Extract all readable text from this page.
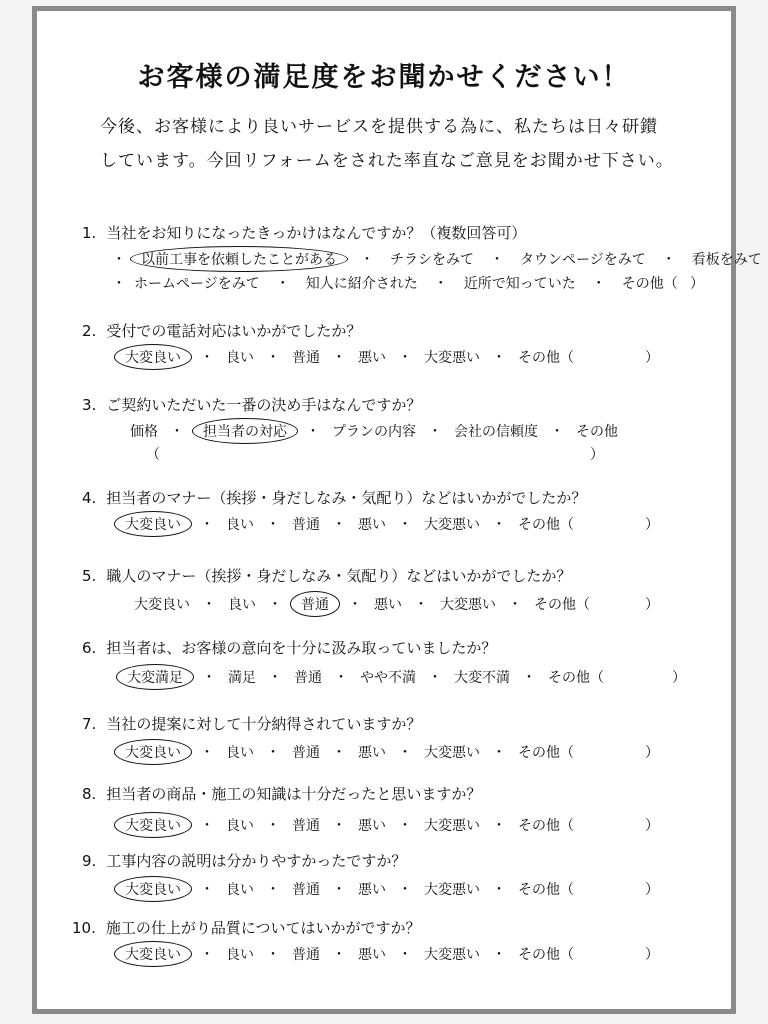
お客様の満足度をお聞かせください！
今後、お客様により良いサービスを提供する為に、私たちは日々研鑚
しています。今回リフォームをされた率直なご意見をお聞かせ下さい。
1. 当社をお知りになったきっかけはなんですか？（複数回答可）
・ 以前工事を依頼したことがある ・ チラシをみて ・ タウンページをみて ・ 看板をみて
・ ホームページをみて ・ 知人に紹介された ・ 近所で知っていた ・ その他（ ）
2. 受付での電話対応はいかがでしたか？
大変良い ・ 良い ・ 普通 ・ 悪い ・ 大変悪い ・ その他（	）
3. ご契約いただいた一番の決め手はなんですか？
価格 ・ 担当者の対応 ・ プランの内容 ・ 会社の信頼度 ・ その他
（	）
4. 担当者のマナー（挨拶・身だしなみ・気配り）などはいかがでしたか？
大変良い ・ 良い ・ 普通 ・ 悪い ・ 大変悪い ・ その他（	）
5. 職人のマナー（挨拶・身だしなみ・気配り）などはいかがでしたか？
大変良い ・ 良い ・ 普通 ・ 悪い ・ 大変悪い ・ その他（	）
6. 担当者は、お客様の意向を十分に汲み取っていましたか？
大変満足 ・ 満足 ・ 普通 ・ やや不満 ・ 大変不満 ・ その他（	）
7. 当社の提案に対して十分納得されていますか？
大変良い ・ 良い ・ 普通 ・ 悪い ・ 大変悪い ・ その他（	）
8. 担当者の商品・施工の知識は十分だったと思いますか？
大変良い ・ 良い ・ 普通 ・ 悪い ・ 大変悪い ・ その他（	）
9. 工事内容の説明は分かりやすかったですか？
大変良い ・ 良い ・ 普通 ・ 悪い ・ 大変悪い ・ その他（	）
10. 施工の仕上がり品質についてはいかがですか？
大変良い ・ 良い ・ 普通 ・ 悪い ・ 大変悪い ・ その他（	）
